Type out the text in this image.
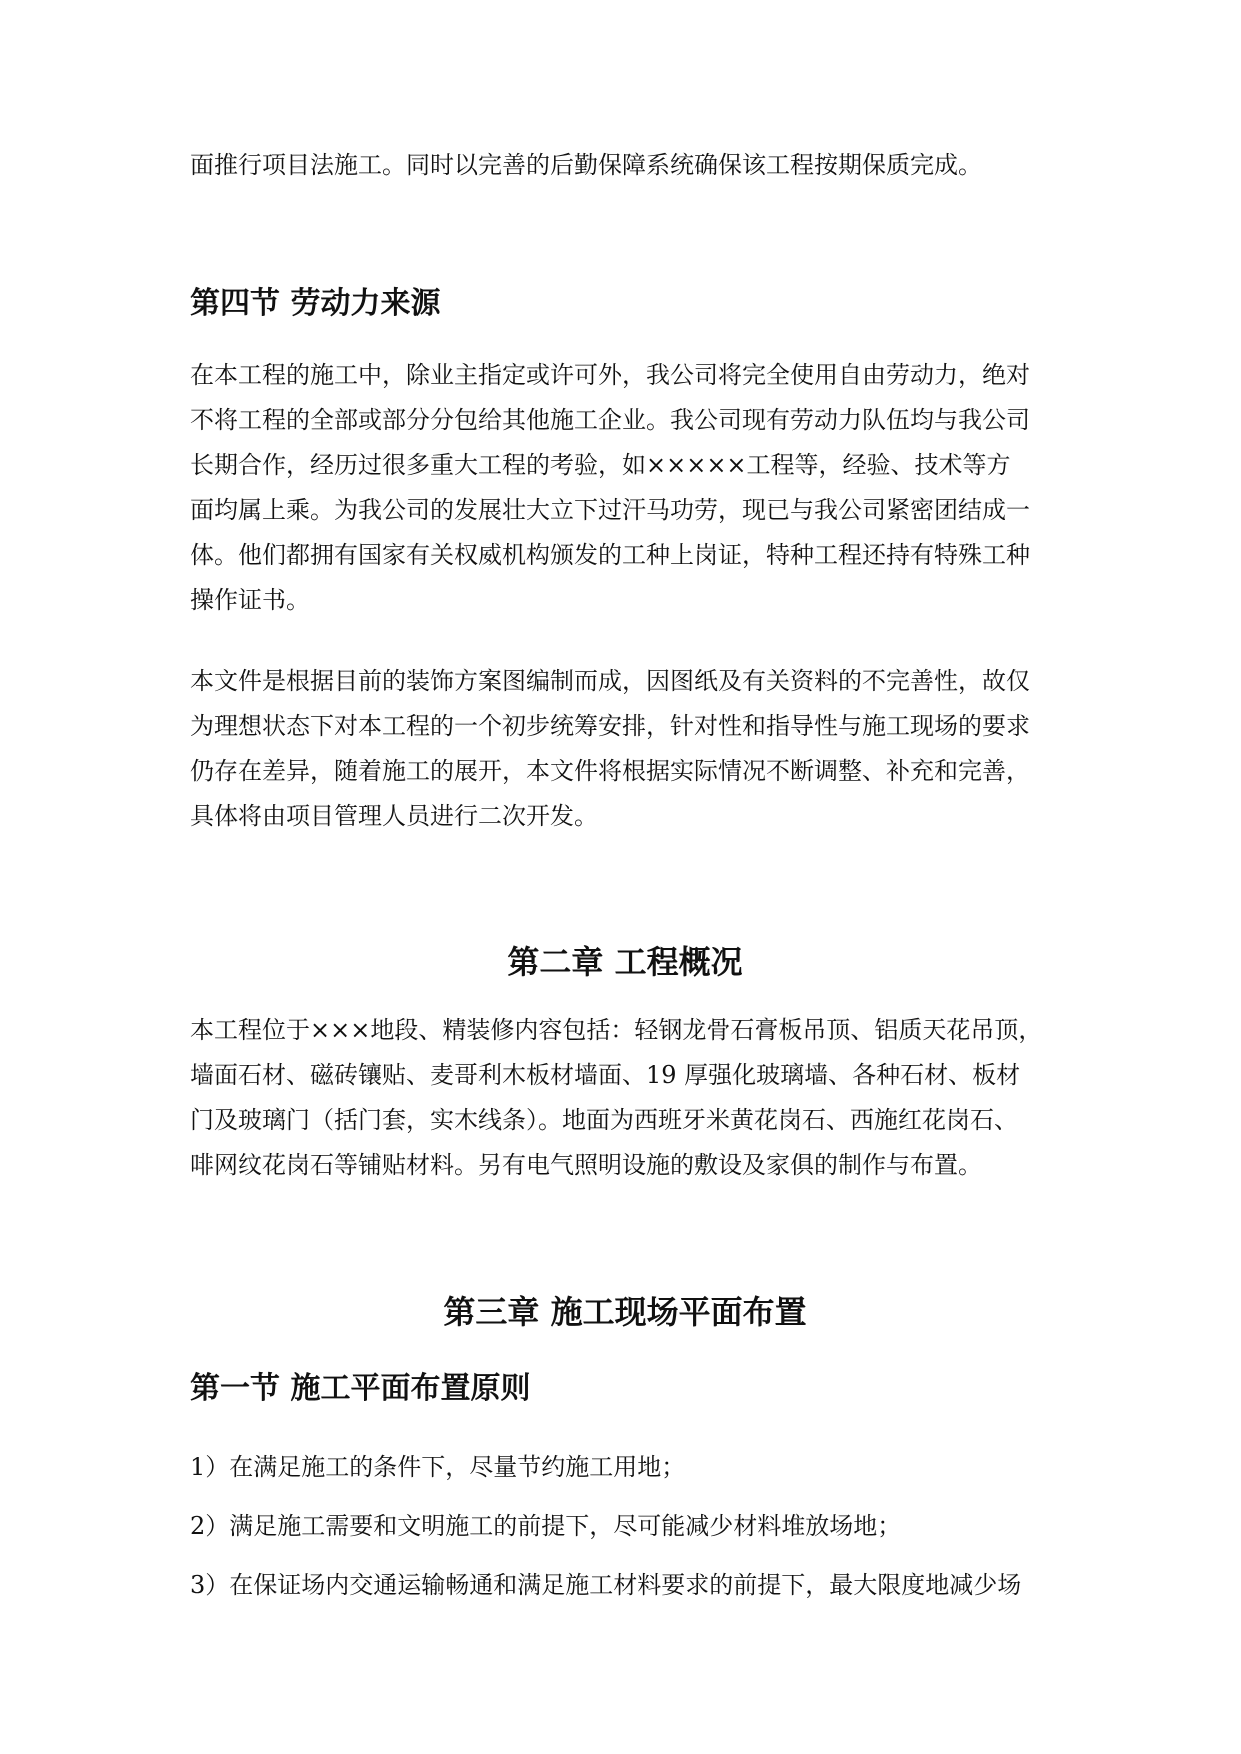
面推行项目法施工。同时以完善的后勤保障系统确保该工程按期保质完成。

第四节 劳动力来源

在本工程的施工中，除业主指定或许可外，我公司将完全使用自由劳动力，绝对
不将工程的全部或部分分包给其他施工企业。我公司现有劳动力队伍均与我公司
长期合作，经历过很多重大工程的考验，如×××××工程等，经验、技术等方
面均属上乘。为我公司的发展壮大立下过汗马功劳，现已与我公司紧密团结成一
体。他们都拥有国家有关权威机构颁发的工种上岗证，特种工程还持有特殊工种
操作证书。

本文件是根据目前的装饰方案图编制而成，因图纸及有关资料的不完善性，故仅
为理想状态下对本工程的一个初步统筹安排，针对性和指导性与施工现场的要求
仍存在差异，随着施工的展开，本文件将根据实际情况不断调整、补充和完善，
具体将由项目管理人员进行二次开发。

第二章 工程概况

本工程位于×××地段、精装修内容包括：轻钢龙骨石膏板吊顶、铝质天花吊顶，
墙面石材、磁砖镶贴、麦哥利木板材墙面、19 厚强化玻璃墙、各种石材、板材
门及玻璃门（括门套，实木线条）。地面为西班牙米黄花岗石、西施红花岗石、
啡网纹花岗石等铺贴材料。另有电气照明设施的敷设及家俱的制作与布置。

第三章 施工现场平面布置
第一节 施工平面布置原则

1）在满足施工的条件下，尽量节约施工用地；
2）满足施工需要和文明施工的前提下，尽可能减少材料堆放场地；
3）在保证场内交通运输畅通和满足施工材料要求的前提下，最大限度地减少场
